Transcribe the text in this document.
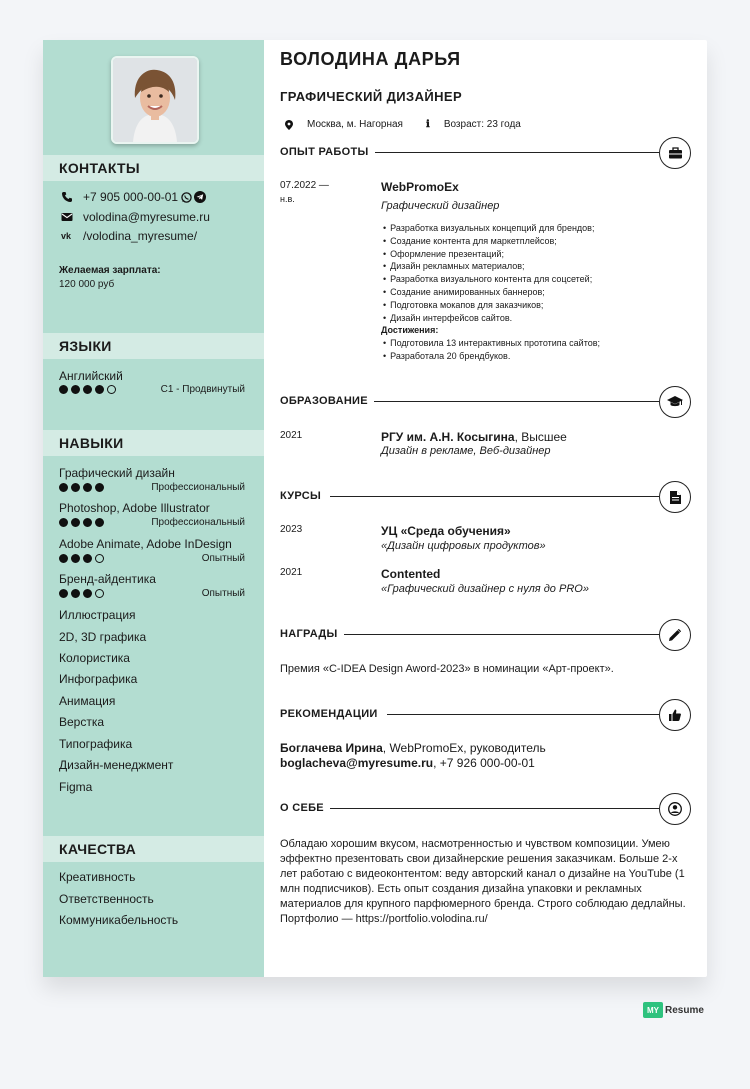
КОНТАКТЫ
+7 905 000-00-01
volodina@myresume.ru
vk /volodina_myresume/
Желаемая зарплата:
120 000 руб
ЯЗЫКИ
Английский
C1 - Продвинутый
НАВЫКИ
Графический дизайн
Профессиональный
Photoshop, Adobe Illustrator
Профессиональный
Adobe Animate, Adobe InDesign
Опытный
Бренд-айдентика
Опытный
Иллюстрация
2D, 3D графика
Колористика
Инфографика
Анимация
Верстка
Типографика
Дизайн-менеджмент
Figma
КАЧЕСТВА
Креативность
Ответственность
Коммуникабельность
ВОЛОДИНА ДАРЬЯ
ГРАФИЧЕСКИЙ ДИЗАЙНЕР
Москва, м. Нагорная ℹ Возраст: 23 года
ОПЫТ РАБОТЫ
07.2022 —
н.в.
WebPromoEx
Графический дизайнер
• Разработка визуальных концепций для брендов;
• Создание контента для маркетплейсов;
• Оформление презентаций;
• Дизайн рекламных материалов;
• Разработка визуального контента для соцсетей;
• Создание анимированных баннеров;
• Подготовка мокапов для заказчиков;
• Дизайн интерфейсов сайтов.
Достижения:
• Подготовила 13 интерактивных прототипа сайтов;
• Разработала 20 брендбуков.
ОБРАЗОВАНИЕ
2021	РГУ им. А.Н. Косыгина, Высшее
Дизайн в рекламе, Веб-дизайнер
КУРСЫ
2023	УЦ «Среда обучения»
«Дизайн цифровых продуктов»
2021	Contented
«Графический дизайнер с нуля до PRO»
НАГРАДЫ
Премия «C-IDEA Design Aword-2023» в номинации «Арт-проект».
РЕКОМЕНДАЦИИ
Боглачева Ирина, WebPromoEx, руководитель
boglacheva@myresume.ru, +7 926 000-00-01
О СЕБЕ
Обладаю хорошим вкусом, насмотренностью и чувством композиции. Умею эффектно презентовать свои дизайнерские решения заказчикам. Больше 2-х лет работаю с видеоконтентом: веду авторский канал о дизайне на YouTube (1 млн подписчиков). Есть опыт создания дизайна упаковки и рекламных материалов для крупного парфюмерного бренда. Строго соблюдаю дедлайны. Портфолио — https://portfolio.volodina.ru/
MY Resume
